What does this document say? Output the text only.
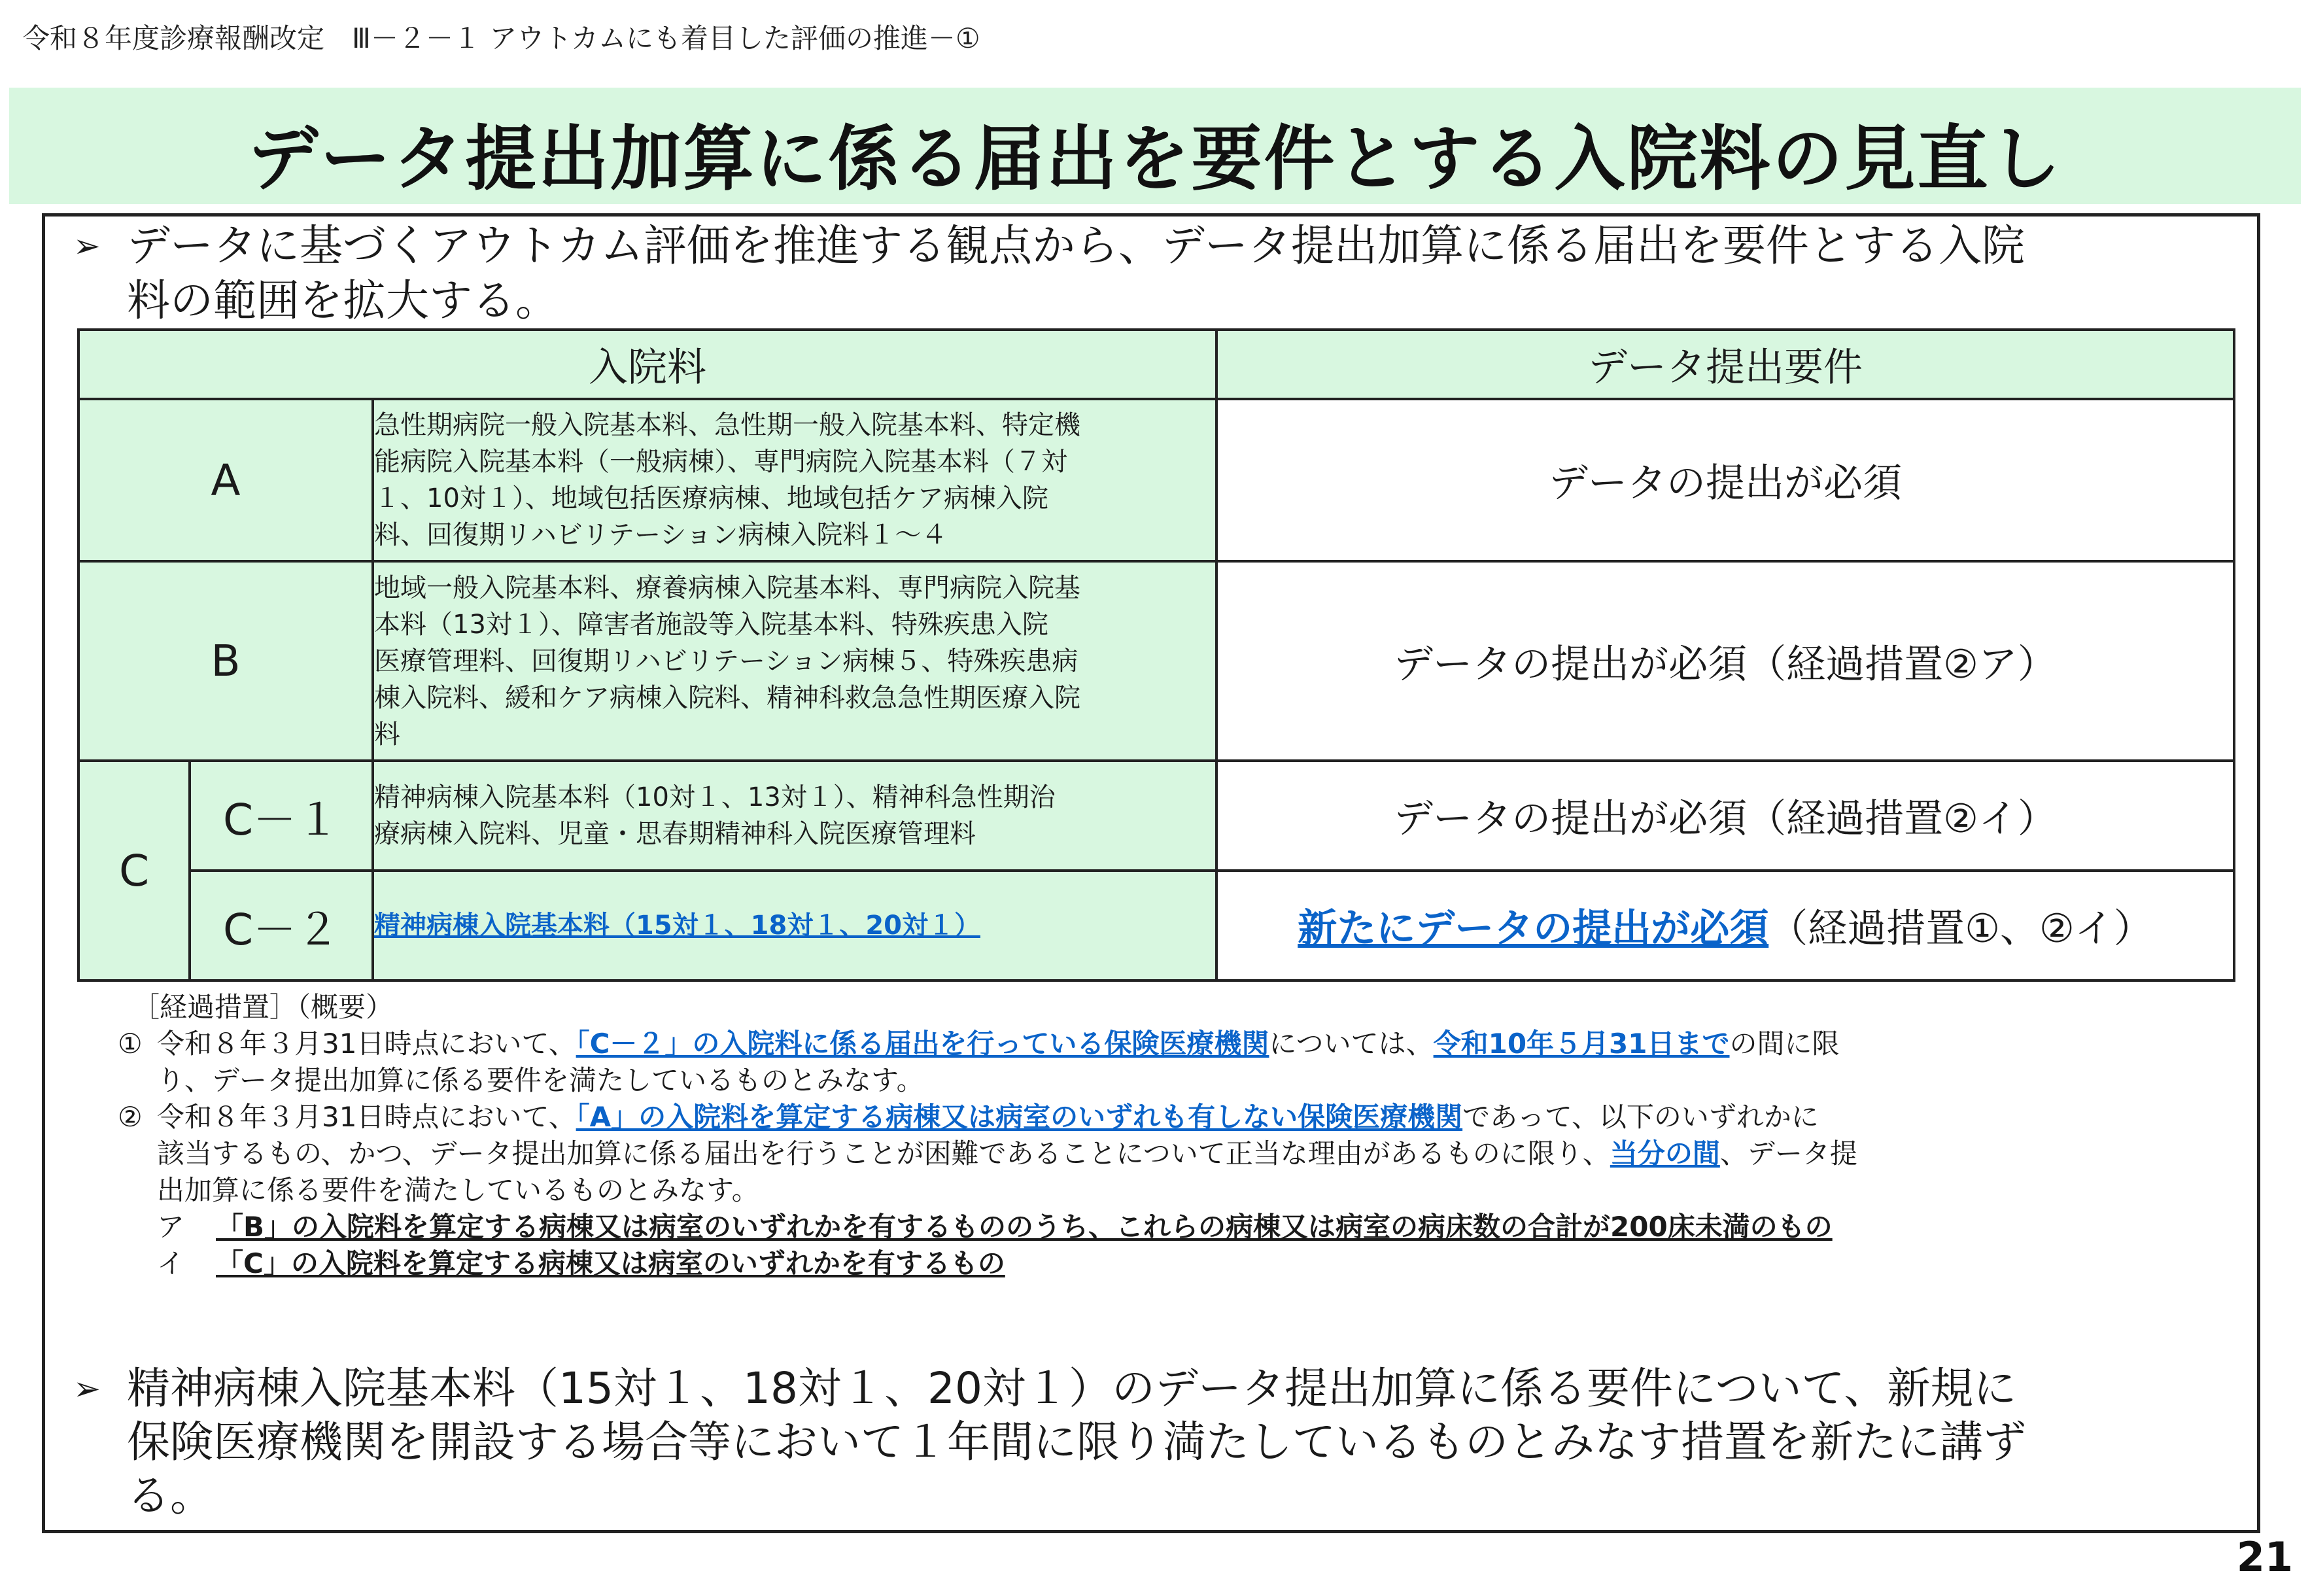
令和８年度診療報酬改定　Ⅲ－２－１ アウトカムにも着目した評価の推進－①
データ提出加算に係る届出を要件とする入院料の見直し
➢ データに基づくアウトカム評価を推進する観点から、データ提出加算に係る届出を要件とする入院
料の範囲を拡大する。
入院料			データ提出要件
A		急性期病院一般入院基本料、急性期一般入院基本料、特定機
能病院入院基本料（一般病棟）、専門病院入院基本料（７対
１、10対１）、地域包括医療病棟、地域包括ケア病棟入院
料、回復期リハビリテーション病棟入院料１～４	データの提出が必須
B		地域一般入院基本料、療養病棟入院基本料、専門病院入院基
本料（13対１）、障害者施設等入院基本料、特殊疾患入院
医療管理料、回復期リハビリテーション病棟５、特殊疾患病
棟入院料、緩和ケア病棟入院料、精神科救急急性期医療入院
料	データの提出が必須（経過措置②ア）
C	C－１	精神病棟入院基本料（10対１、13対１）、精神科急性期治
療病棟入院料、児童・思春期精神科入院医療管理料	データの提出が必須（経過措置②イ）
	C－２	精神病棟入院基本料（15対１、18対１、20対１）	新たにデータの提出が必須（経過措置①、②イ）
［経過措置］（概要）
① 令和８年３月31日時点において、「C－２」の入院料に係る届出を行っている保険医療機関については、令和10年５月31日までの間に限
り、データ提出加算に係る要件を満たしているものとみなす。
② 令和８年３月31日時点において、「A」の入院料を算定する病棟又は病室のいずれも有しない保険医療機関であって、以下のいずれかに
該当するもの、かつ、データ提出加算に係る届出を行うことが困難であることについて正当な理由があるものに限り、当分の間、データ提
出加算に係る要件を満たしているものとみなす。
ア 「B」の入院料を算定する病棟又は病室のいずれかを有するもののうち、これらの病棟又は病室の病床数の合計が200床未満のもの
イ 「C」の入院料を算定する病棟又は病室のいずれかを有するもの
➢ 精神病棟入院基本料（15対１、18対１、20対１）のデータ提出加算に係る要件について、新規に
保険医療機関を開設する場合等において１年間に限り満たしているものとみなす措置を新たに講ず
る。
21
